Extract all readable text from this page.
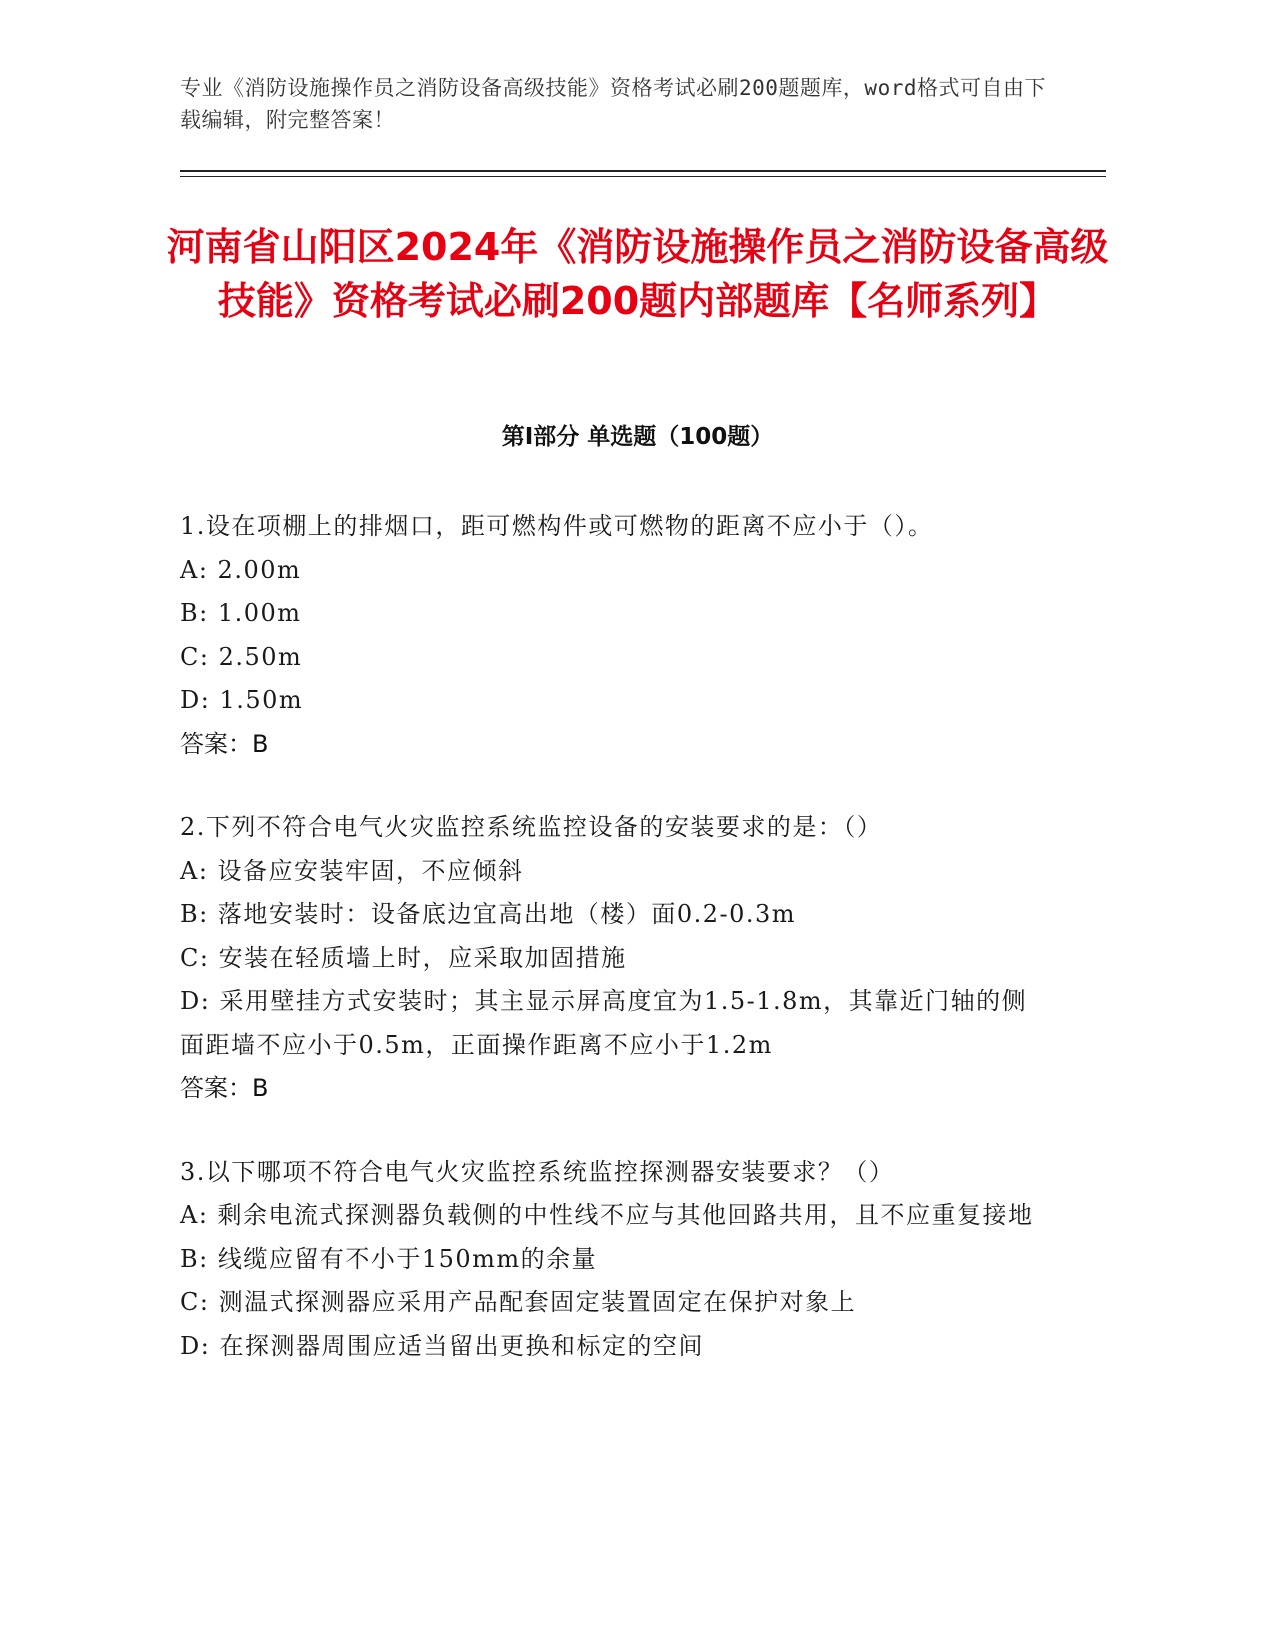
专业《消防设施操作员之消防设备高级技能》资格考试必刷200题题库，word格式可自由下载编辑，附完整答案！
河南省山阳区2024年《消防设施操作员之消防设备高级技能》资格考试必刷200题内部题库【名师系列】
第I部分 单选题（100题）
1.设在项棚上的排烟口，距可燃构件或可燃物的距离不应小于（）。
A: 2.00m
B: 1.00m
C: 2.50m
D: 1.50m
答案：B
2.下列不符合电气火灾监控系统监控设备的安装要求的是：（）
A: 设备应安装牢固，不应倾斜
B: 落地安装时：设备底边宜高出地（楼）面0.2-0.3m
C: 安装在轻质墙上时，应采取加固措施
D: 采用壁挂方式安装时；其主显示屏高度宜为1.5-1.8m，其靠近门轴的侧面距墙不应小于0.5m，正面操作距离不应小于1.2m
答案：B
3.以下哪项不符合电气火灾监控系统监控探测器安装要求？（）
A: 剩余电流式探测器负载侧的中性线不应与其他回路共用，且不应重复接地
B: 线缆应留有不小于150mm的余量
C: 测温式探测器应采用产品配套固定装置固定在保护对象上
D: 在探测器周围应适当留出更换和标定的空间
